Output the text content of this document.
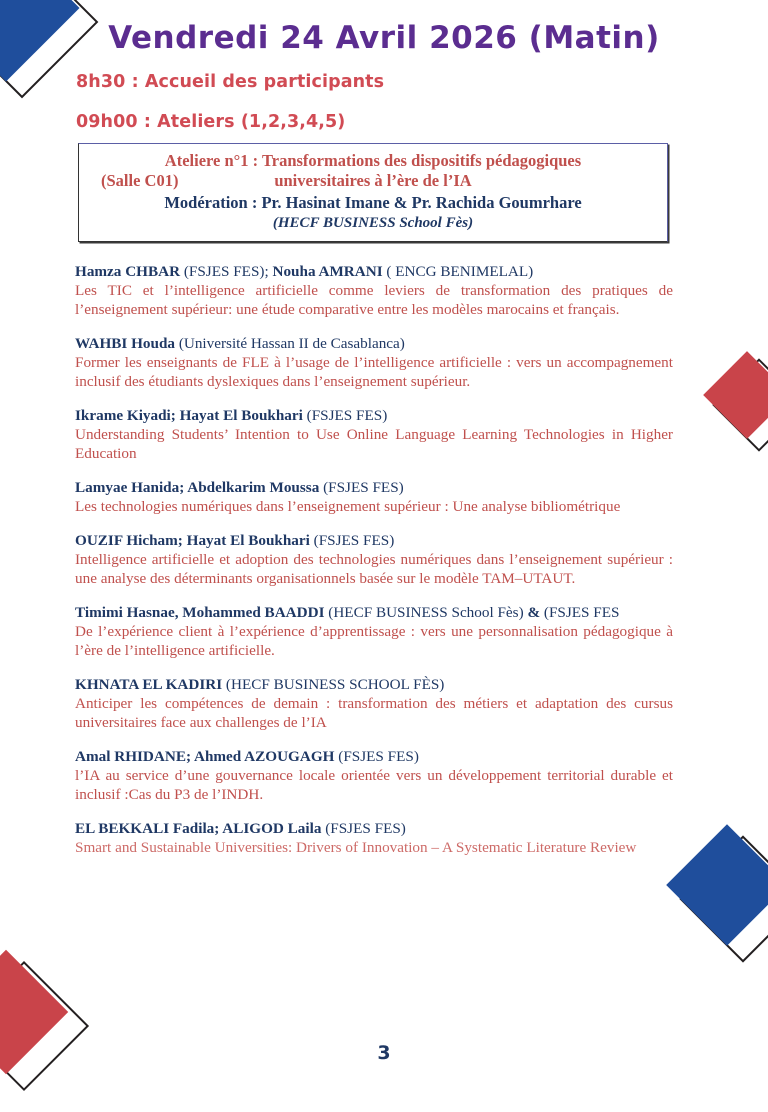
Vendredi 24 Avril 2026 (Matin)
8h30 : Accueil des participants
09h00 : Ateliers (1,2,3,4,5)
Ateliere n°1 : Transformations des dispositifs pédagogiques
(Salle C01)	universitaires à l’ère de l’IA
Modération : Pr. Hasinat Imane & Pr. Rachida Goumrhare
(HECF BUSINESS School Fès)
Hamza CHBAR (FSJES FES); Nouha AMRANI ( ENCG BENIMELAL)
Les TIC et l’intelligence artificielle comme leviers de transformation des pratiques de l’enseignement supérieur: une étude comparative entre les modèles marocains et français.
WAHBI Houda (Université Hassan II de Casablanca)
Former les enseignants de FLE à l’usage de l’intelligence artificielle : vers un accompagnement inclusif des étudiants dyslexiques dans l’enseignement supérieur.
Ikrame Kiyadi; Hayat El Boukhari (FSJES FES)
Understanding Students’ Intention to Use Online Language Learning Technologies in Higher Education
Lamyae Hanida; Abdelkarim Moussa (FSJES FES)
Les technologies numériques dans l’enseignement supérieur : Une analyse bibliométrique
OUZIF Hicham; Hayat El Boukhari (FSJES FES)
Intelligence artificielle et adoption des technologies numériques dans l’enseignement supérieur : une analyse des déterminants organisationnels basée sur le modèle TAM–UTAUT.
Timimi Hasnae, Mohammed BAADDI (HECF BUSINESS School Fès) & (FSJES FES
De l’expérience client à l’expérience d’apprentissage : vers une personnalisation pédagogique à l’ère de l’intelligence artificielle.
KHNATA EL KADIRI (HECF BUSINESS SCHOOL FÈS)
Anticiper les compétences de demain : transformation des métiers et adaptation des cursus universitaires face aux challenges de l’IA
Amal RHIDANE; Ahmed AZOUGAGH (FSJES FES)
l’IA au service d’une gouvernance locale orientée vers un développement territorial durable et inclusif :Cas du P3 de l’INDH.
EL BEKKALI Fadila; ALIGOD Laila (FSJES FES)
Smart and Sustainable Universities: Drivers of Innovation – A Systematic Literature Review
3
